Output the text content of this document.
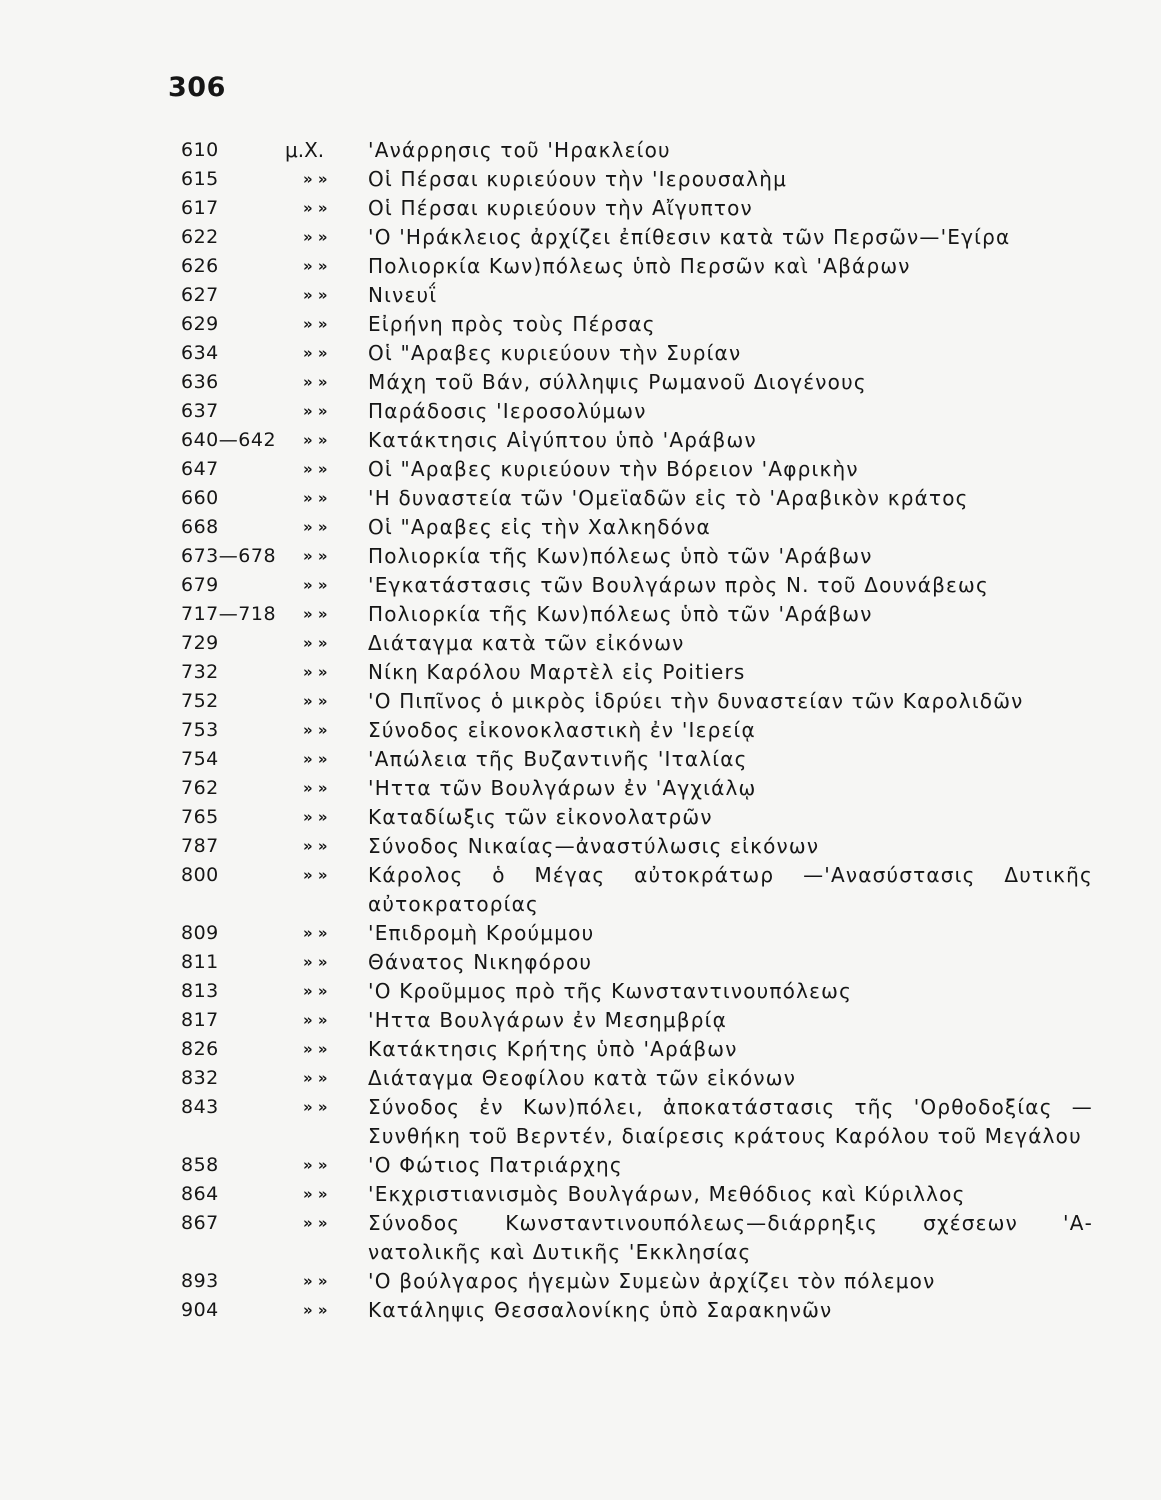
306
610	μ.Χ.	'Ανάρρησις τοῦ 'Ηρακλείου
615	» »	Οἱ Πέρσαι κυριεύουν τὴν 'Ιερουσαλὴμ
617	» »	Οἱ Πέρσαι κυριεύουν τὴν Αἴγυπτον
622	» »	'Ο 'Ηράκλειος ἀρχίζει ἐπίθεσιν κατὰ τῶν Περσῶν—'Εγίρα
626	» »	Πολιορκία Κων)πόλεως ὑπὸ Περσῶν καὶ 'Αβάρων
627	» »	Νινευΐ
629	» »	Εἰρήνη πρὸς τοὺς Πέρσας
634	» »	Οἱ "Αραβες κυριεύουν τὴν Συρίαν
636	» »	Μάχη τοῦ Βάν, σύλληψις Ρωμανοῦ Διογένους
637	» »	Παράδοσις 'Ιεροσολύμων
640—642	» »	Κατάκτησις Αἰγύπτου ὑπὸ 'Αράβων
647	» »	Οἱ "Αραβες κυριεύουν τὴν Βόρειον 'Αφρικὴν
660	» »	'Η δυναστεία τῶν 'Ομεϊαδῶν εἰς τὸ 'Αραβικὸν κράτος
668	» »	Οἱ "Αραβες εἰς τὴν Χαλκηδόνα
673—678	» »	Πολιορκία τῆς Κων)πόλεως ὑπὸ τῶν 'Αράβων
679	» »	'Εγκατάστασις τῶν Βουλγάρων πρὸς Ν. τοῦ Δουνάβεως
717—718	» »	Πολιορκία τῆς Κων)πόλεως ὑπὸ τῶν 'Αράβων
729	» »	Διάταγμα κατὰ τῶν εἰκόνων
732	» »	Νίκη Καρόλου Μαρτὲλ εἰς Poitiers
752	» »	'Ο Πιπῖνος ὁ μικρὸς ἱδρύει τὴν δυναστείαν τῶν Καρολιδῶν
753	» »	Σύνοδος εἰκονοκλαστικὴ ἐν 'Ιερείᾳ
754	» »	'Απώλεια τῆς Βυζαντινῆς 'Ιταλίας
762	» »	'Ηττα τῶν Βουλγάρων ἐν 'Αγχιάλῳ
765	» »	Καταδίωξις τῶν εἰκονολατρῶν
787	» »	Σύνοδος Νικαίας—ἀναστύλωσις εἰκόνων
800	» »	Κάρολος ὁ Μέγας αὐτοκράτωρ —'Ανασύστασις Δυτικῆς αὐτοκρατορίας
809	» »	'Επιδρομὴ Κρούμμου
811	» »	Θάνατος Νικηφόρου
813	» »	'Ο Κροῦμμος πρὸ τῆς Κωνσταντινουπόλεως
817	» »	'Ηττα Βουλγάρων ἐν Μεσημβρίᾳ
826	» »	Κατάκτησις Κρήτης ὑπὸ 'Αράβων
832	» »	Διάταγμα Θεοφίλου κατὰ τῶν εἰκόνων
843	» »	Σύνοδος ἐν Κων)πόλει, ἀποκατάστασις τῆς 'Ορθοδοξίας —Συνθήκη τοῦ Βερντέν, διαίρεσις κράτους Καρόλου τοῦ Μεγάλου
858	» »	'Ο Φώτιος Πατριάρχης
864	» »	'Εκχριστιανισμὸς Βουλγάρων, Μεθόδιος καὶ Κύριλλος
867	» »	Σύνοδος Κωνσταντινουπόλεως—διάρρηξις σχέσεων 'Α-νατολικῆς καὶ Δυτικῆς 'Εκκλησίας
893	» »	'Ο βούλγαρος ἡγεμὼν Συμεὼν ἀρχίζει τὸν πόλεμον
904	» »	Κατάληψις Θεσσαλονίκης ὑπὸ Σαρακηνῶν
